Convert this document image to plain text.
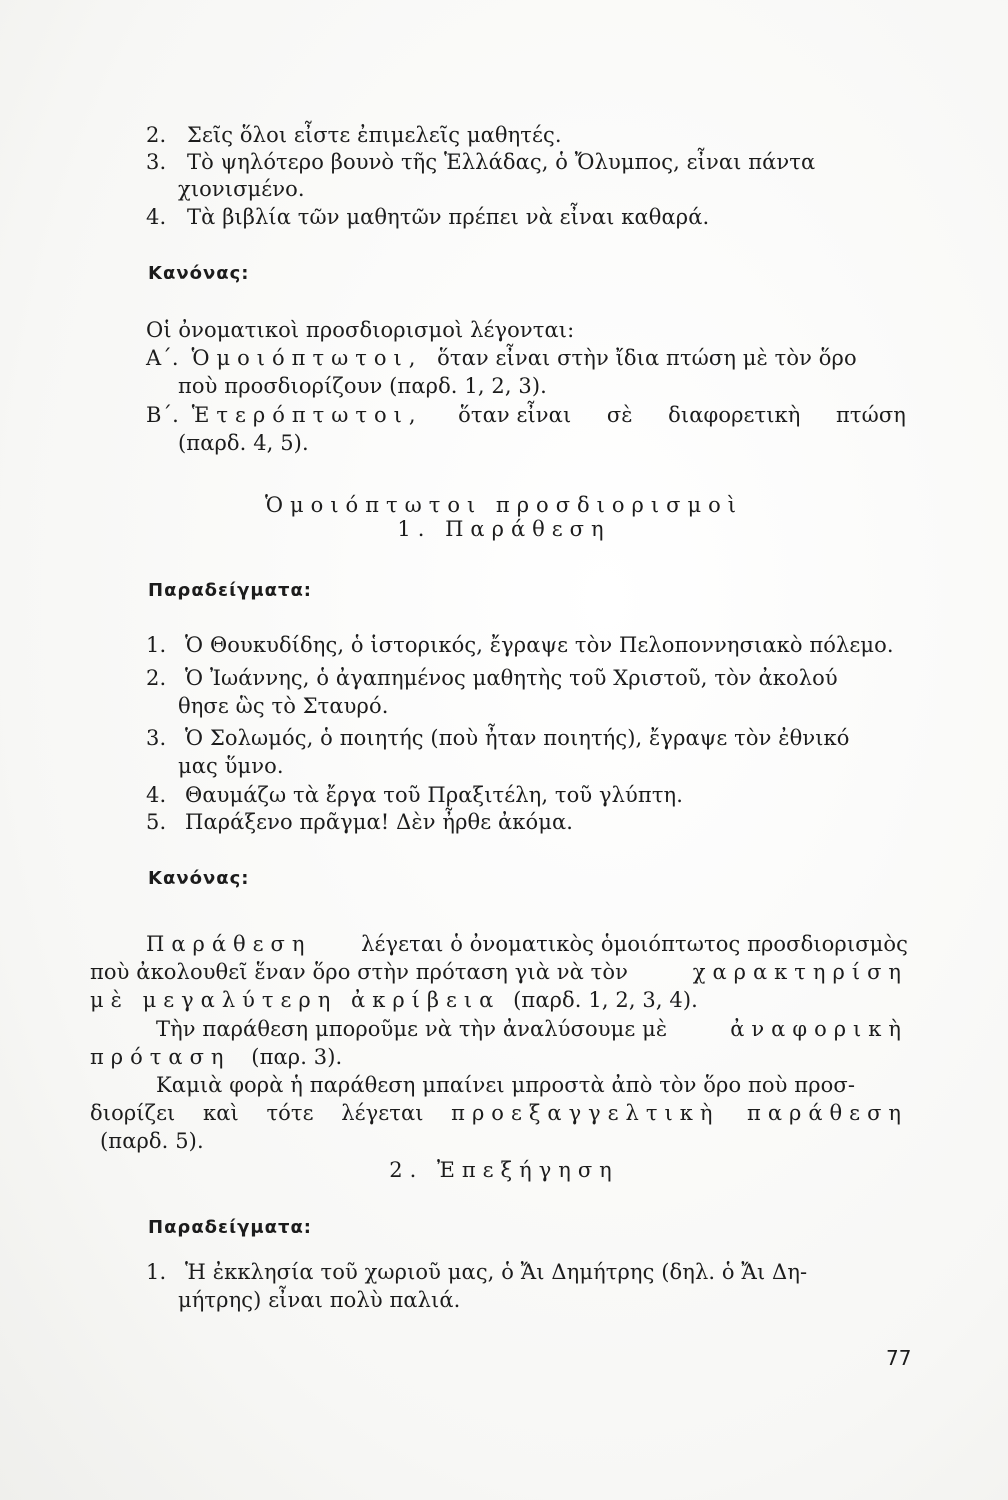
2. Σεῖς ὅλοι εἶστε ἐπιμελεῖς μαθητές.
3. Τὸ ψηλότερο βουνὸ τῆς Ἑλλάδας, ὁ Ὄλυμπος, εἶναι πάντα
χιονισμένο.
4. Τὰ βιβλία τῶν μαθητῶν πρέπει νὰ εἶναι καθαρά.
Κανόνας:
Οἱ ὀνοματικοὶ προσδιορισμοὶ λέγονται:
Α΄. Ὁμοιόπτωτοι, ὅταν εἶναι στὴν ἴδια πτώση μὲ τὸν ὅρο
ποὺ προσδιορίζουν (παρδ. 1, 2, 3).
Β΄. Ἑτερόπτωτοι, ὅταν εἶναι σὲ διαφορετικὴ πτώση
(παρδ. 4, 5).
Ὁμοιόπτωτοι προσδιορισμοὶ
1. Παράθεση
Παραδείγματα:
1. Ὁ Θουκυδίδης, ὁ ἱστορικός, ἔγραψε τὸν Πελοποννησιακὸ πόλεμο.
2. Ὁ Ἰωάννης, ὁ ἀγαπημένος μαθητὴς τοῦ Χριστοῦ, τὸν ἀκολού
θησε ὣς τὸ Σταυρό.
3. Ὁ Σολωμός, ὁ ποιητής (ποὺ ἦταν ποιητής), ἔγραψε τὸν ἐθνικό
μας ὕμνο.
4. Θαυμάζω τὰ ἔργα τοῦ Πραξιτέλη, τοῦ γλύπτη.
5. Παράξενο πρᾶγμα! Δὲν ἦρθε ἀκόμα.
Κανόνας:
Παράθεση λέγεται ὁ ὀνοματικὸς ὁμοιόπτωτος προσδιορισμὸς
ποὺ ἀκολουθεῖ ἕναν ὅρο στὴν πρόταση γιὰ νὰ τὸν	χαρακτηρίση
μὲ μεγαλύτερη ἀκρίβεια (παρδ. 1, 2, 3, 4).
Τὴν παράθεση μποροῦμε νὰ τὴν ἀναλύσουμε μὲ	ἀναφορικὴ
πρόταση (παρ. 3).
Καμιὰ φορὰ ἡ παράθεση μπαίνει μπροστὰ ἀπὸ τὸν ὅρο ποὺ προσ-
διορίζει καὶ τότε λέγεται προεξαγγελτικὴ παράθεση
(παρδ. 5).
2. Ἐπεξήγηση
Παραδείγματα:
1. Ἡ ἐκκλησία τοῦ χωριοῦ μας, ὁ Ἄι Δημήτρης (δηλ. ὁ Ἄι Δη-
μήτρης) εἶναι πολὺ παλιά.
77
